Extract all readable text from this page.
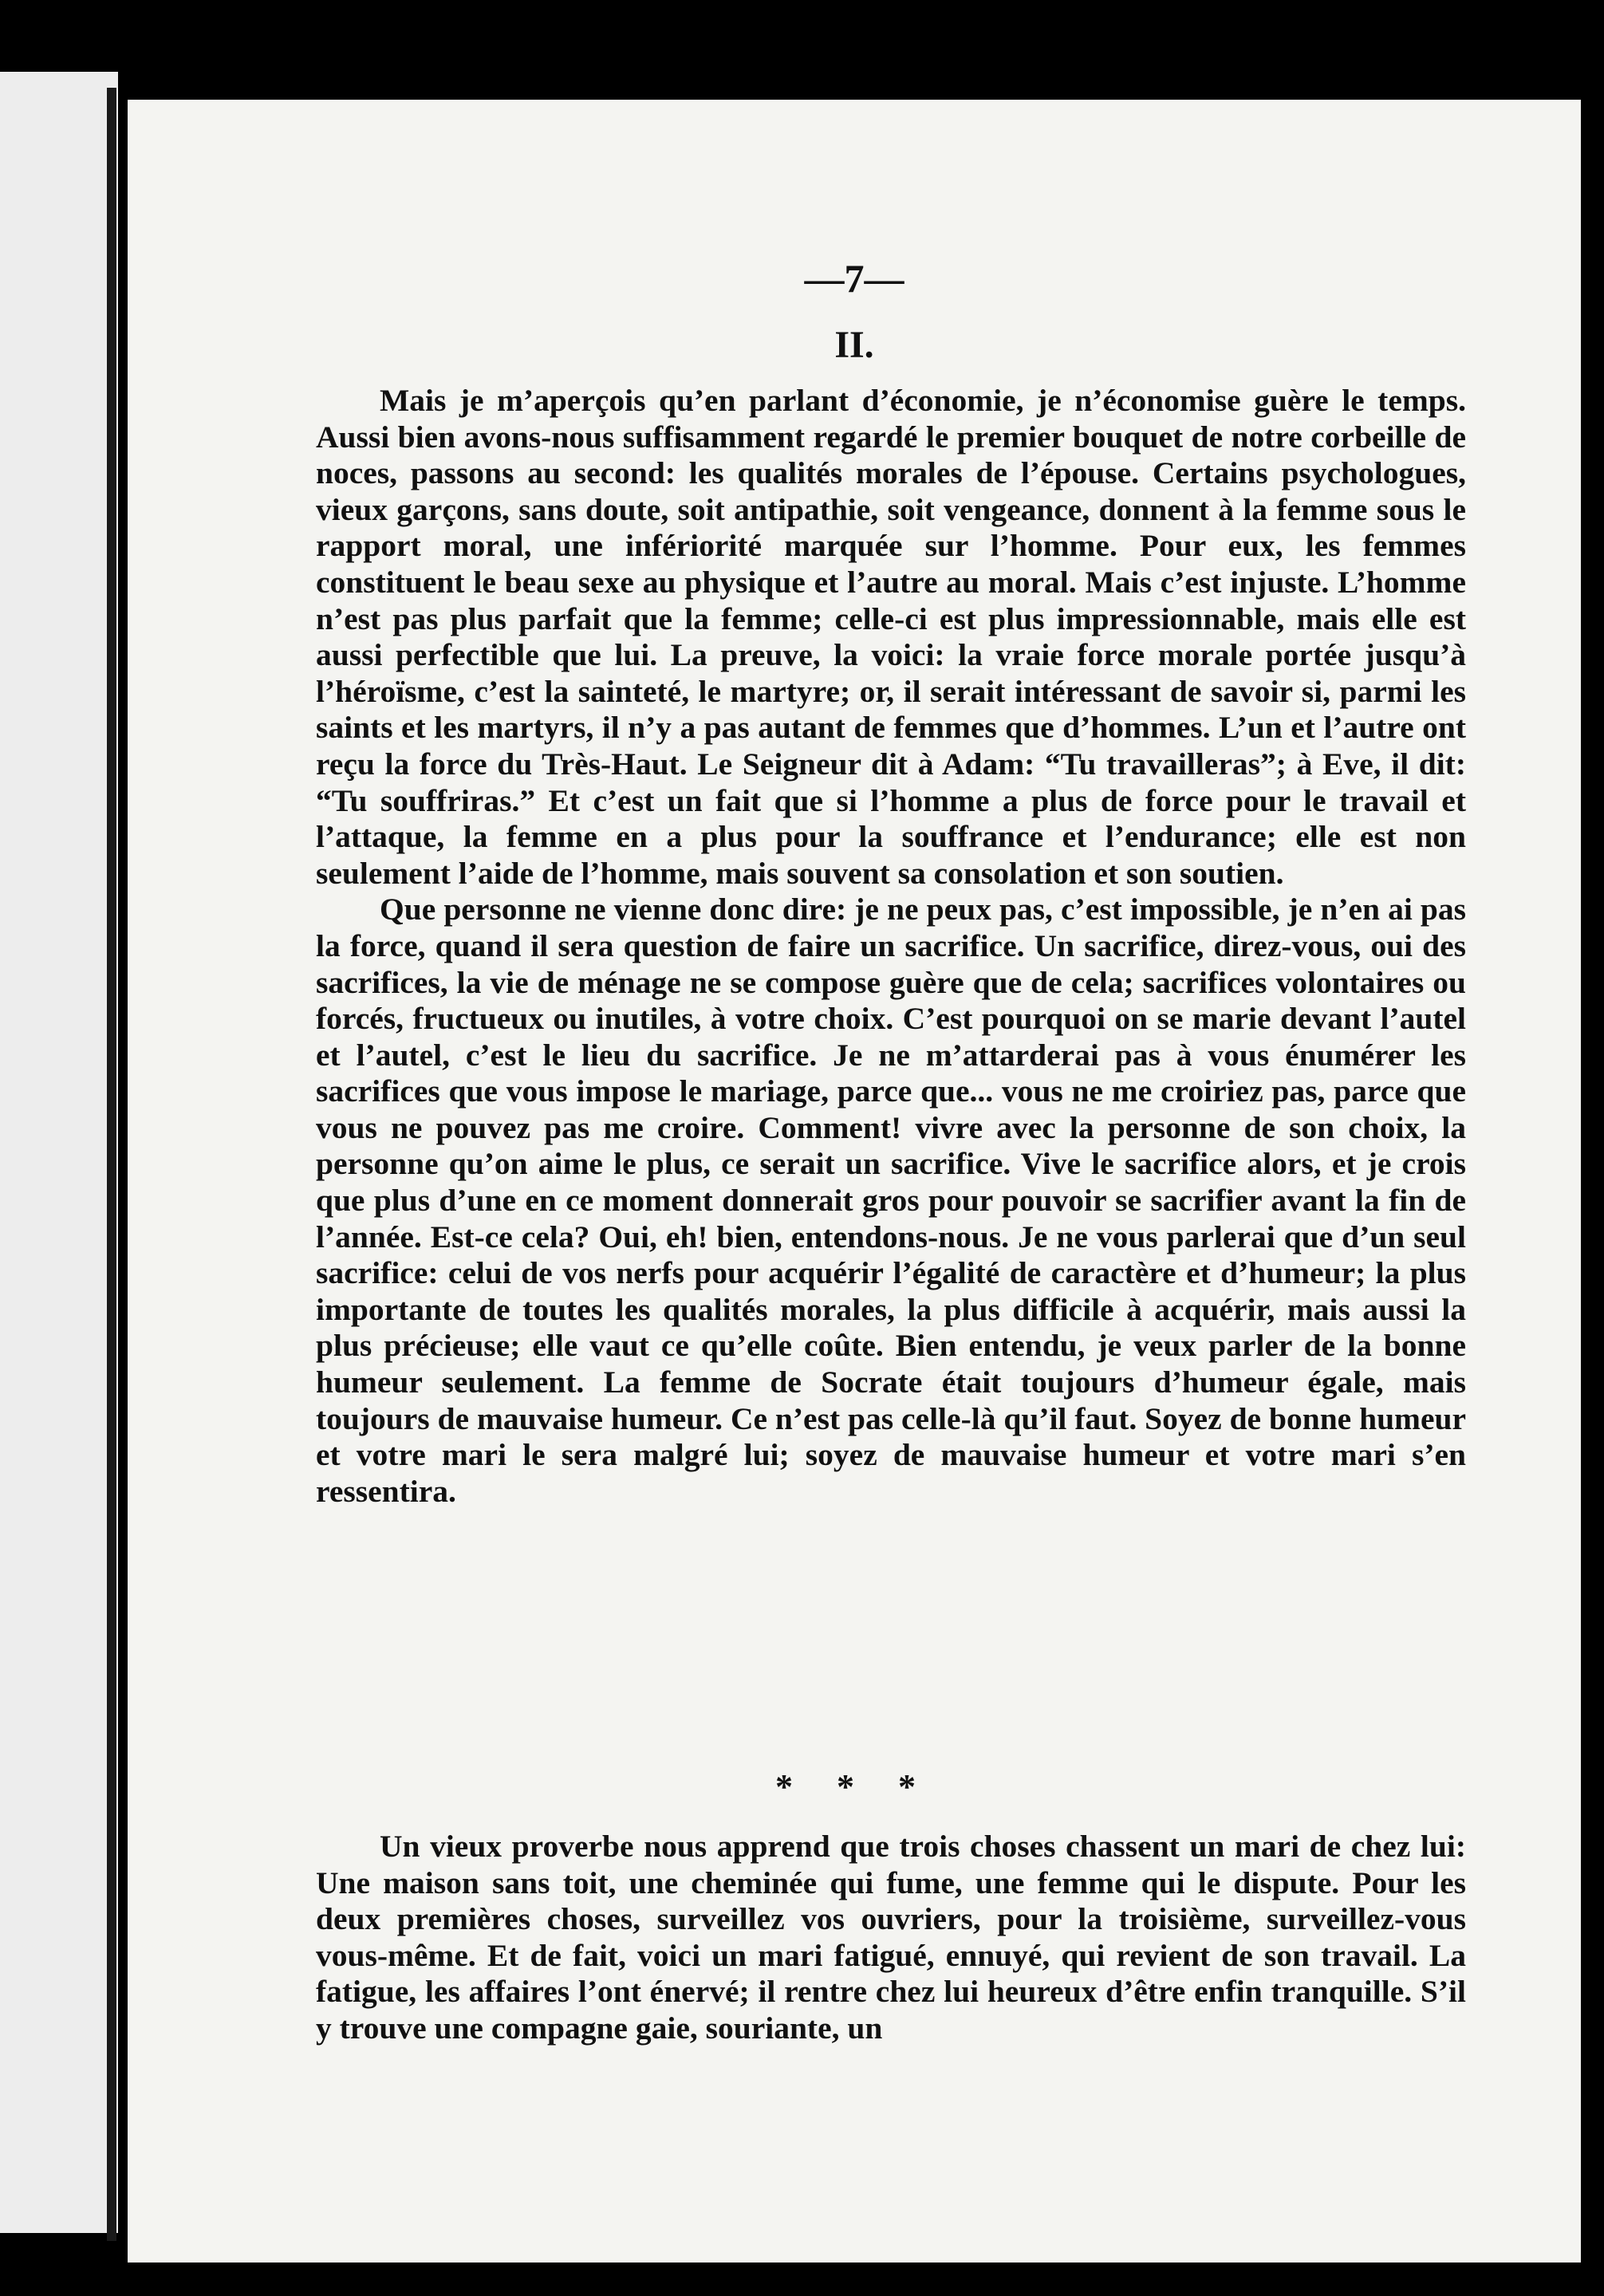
—7—
II.

Mais je m’aperçois qu’en parlant d’économie, je n’économise guère le temps. Aussi bien avons-nous suffisamment regardé le premier bouquet de notre corbeille de noces, passons au second: les qualités morales de l’épouse. Certains psychologues, vieux garçons, sans doute, soit antipathie, soit vengeance, donnent à la femme sous le rapport moral, une infériorité marquée sur l’homme. Pour eux, les femmes constituent le beau sexe au physique et l’autre au moral. Mais c’est injuste. L’homme n’est pas plus parfait que la femme; celle-ci est plus impressionnable, mais elle est aussi perfectible que lui. La preuve, la voici: la vraie force morale portée jusqu’à l’héroïsme, c’est la sainteté, le martyre; or, il serait intéressant de savoir si, parmi les saints et les martyrs, il n’y a pas autant de femmes que d’hommes. L’un et l’autre ont reçu la force du Très-Haut. Le Seigneur dit à Adam: “Tu travailleras”; à Eve, il dit: “Tu souffriras.” Et c’est un fait que si l’homme a plus de force pour le travail et l’attaque, la femme en a plus pour la souffrance et l’endurance; elle est non seulement l’aide de l’homme, mais souvent sa consolation et son soutien.

Que personne ne vienne donc dire: je ne peux pas, c’est impossible, je n’en ai pas la force, quand il sera question de faire un sacrifice. Un sacrifice, direz-vous, oui des sacrifices, la vie de ménage ne se compose guère que de cela; sacrifices volontaires ou forcés, fructueux ou inutiles, à votre choix. C’est pourquoi on se marie devant l’autel et l’autel, c’est le lieu du sacrifice. Je ne m’attarderai pas à vous énumérer les sacrifices que vous impose le mariage, parce que... vous ne me croiriez pas, parce que vous ne pouvez pas me croire. Comment! vivre avec la personne de son choix, la personne qu’on aime le plus, ce serait un sacrifice. Vive le sacrifice alors, et je crois que plus d’une en ce moment donnerait gros pour pouvoir se sacrifier avant la fin de l’année. Est-ce cela? Oui, eh! bien, entendons-nous. Je ne vous parlerai que d’un seul sacrifice: celui de vos nerfs pour acquérir l’égalité de caractère et d’humeur; la plus importante de toutes les qualités morales, la plus difficile à acquérir, mais aussi la plus précieuse; elle vaut ce qu’elle coûte. Bien entendu, je veux parler de la bonne humeur seulement. La femme de Socrate était toujours d’humeur égale, mais toujours de mauvaise humeur. Ce n’est pas celle-là qu’il faut. Soyez de bonne humeur et votre mari le sera malgré lui; soyez de mauvaise humeur et votre mari s’en ressentira.

* * *

Un vieux proverbe nous apprend que trois choses chassent un mari de chez lui: Une maison sans toit, une cheminée qui fume, une femme qui le dispute. Pour les deux premières choses, surveillez vos ouvriers, pour la troisième, surveillez-vous vous-même. Et de fait, voici un mari fatigué, ennuyé, qui revient de son travail. La fatigue, les affaires l’ont énervé; il rentre chez lui heureux d’être enfin tranquille. S’il y trouve une compagne gaie, souriante, un
